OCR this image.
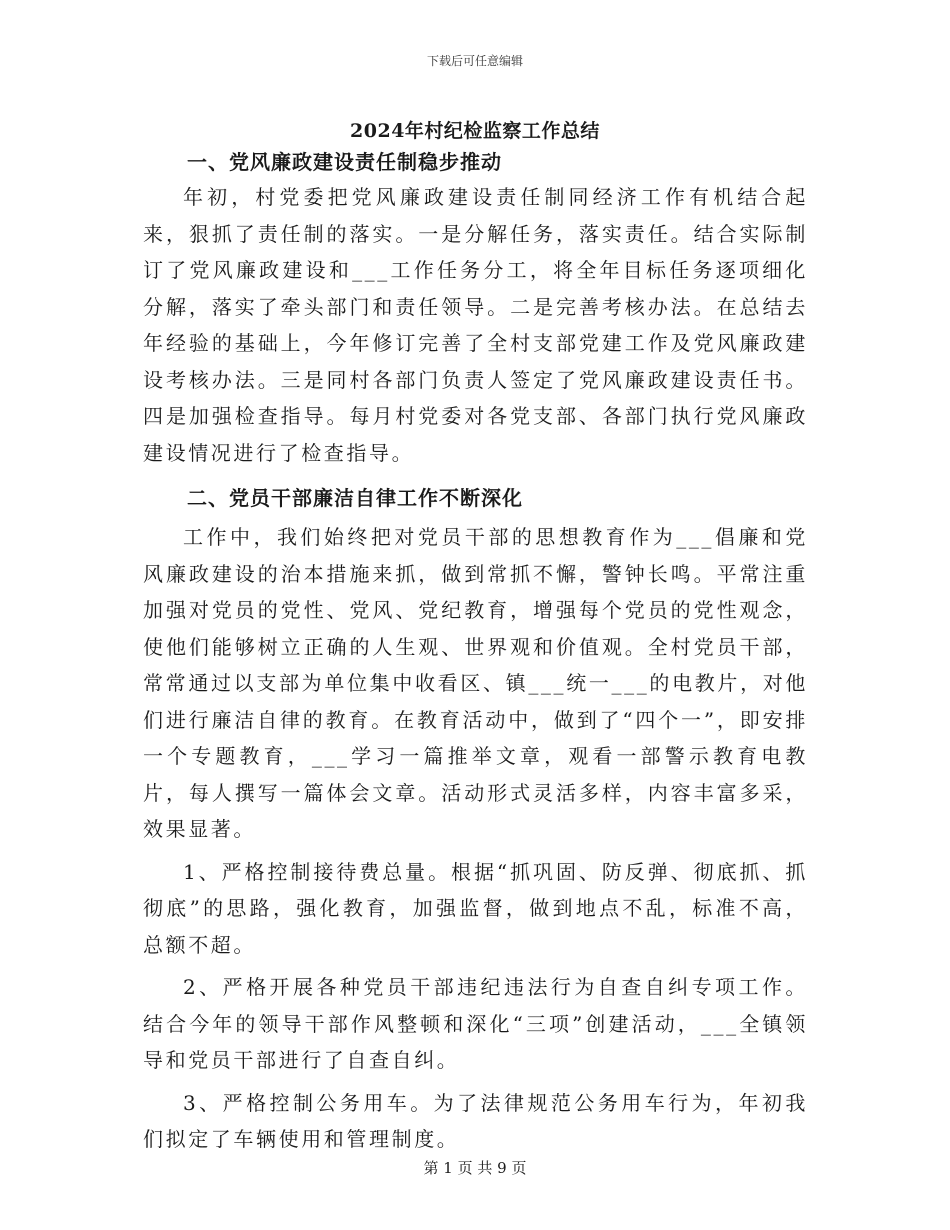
下载后可任意编辑
2024年村纪检监察工作总结

一、党风廉政建设责任制稳步推动

年初，村党委把党风廉政建设责任制同经济工作有机结合起来，狠抓了责任制的落实。一是分解任务，落实责任。结合实际制订了党风廉政建设和___工作任务分工，将全年目标任务逐项细化分解，落实了牵头部门和责任领导。二是完善考核办法。在总结去年经验的基础上，今年修订完善了全村支部党建工作及党风廉政建设考核办法。三是同村各部门负责人签定了党风廉政建设责任书。四是加强检查指导。每月村党委对各党支部、各部门执行党风廉政建设情况进行了检查指导。

二、党员干部廉洁自律工作不断深化

工作中，我们始终把对党员干部的思想教育作为___倡廉和党风廉政建设的治本措施来抓，做到常抓不懈，警钟长鸣。平常注重加强对党员的党性、党风、党纪教育，增强每个党员的党性观念，使他们能够树立正确的人生观、世界观和价值观。全村党员干部，常常通过以支部为单位集中收看区、镇___统一___的电教片，对他们进行廉洁自律的教育。在教育活动中，做到了“四个一”，即安排一个专题教育，___学习一篇推举文章，观看一部警示教育电教片，每人撰写一篇体会文章。活动形式灵活多样，内容丰富多采，效果显著。

1、严格控制接待费总量。根据“抓巩固、防反弹、彻底抓、抓彻底”的思路，强化教育，加强监督，做到地点不乱，标准不高，总额不超。

2、严格开展各种党员干部违纪违法行为自查自纠专项工作。结合今年的领导干部作风整顿和深化“三项”创建活动，___全镇领导和党员干部进行了自查自纠。

3、严格控制公务用车。为了法律规范公务用车行为，年初我们拟定了车辆使用和管理制度。

第 1 页 共 9 页
